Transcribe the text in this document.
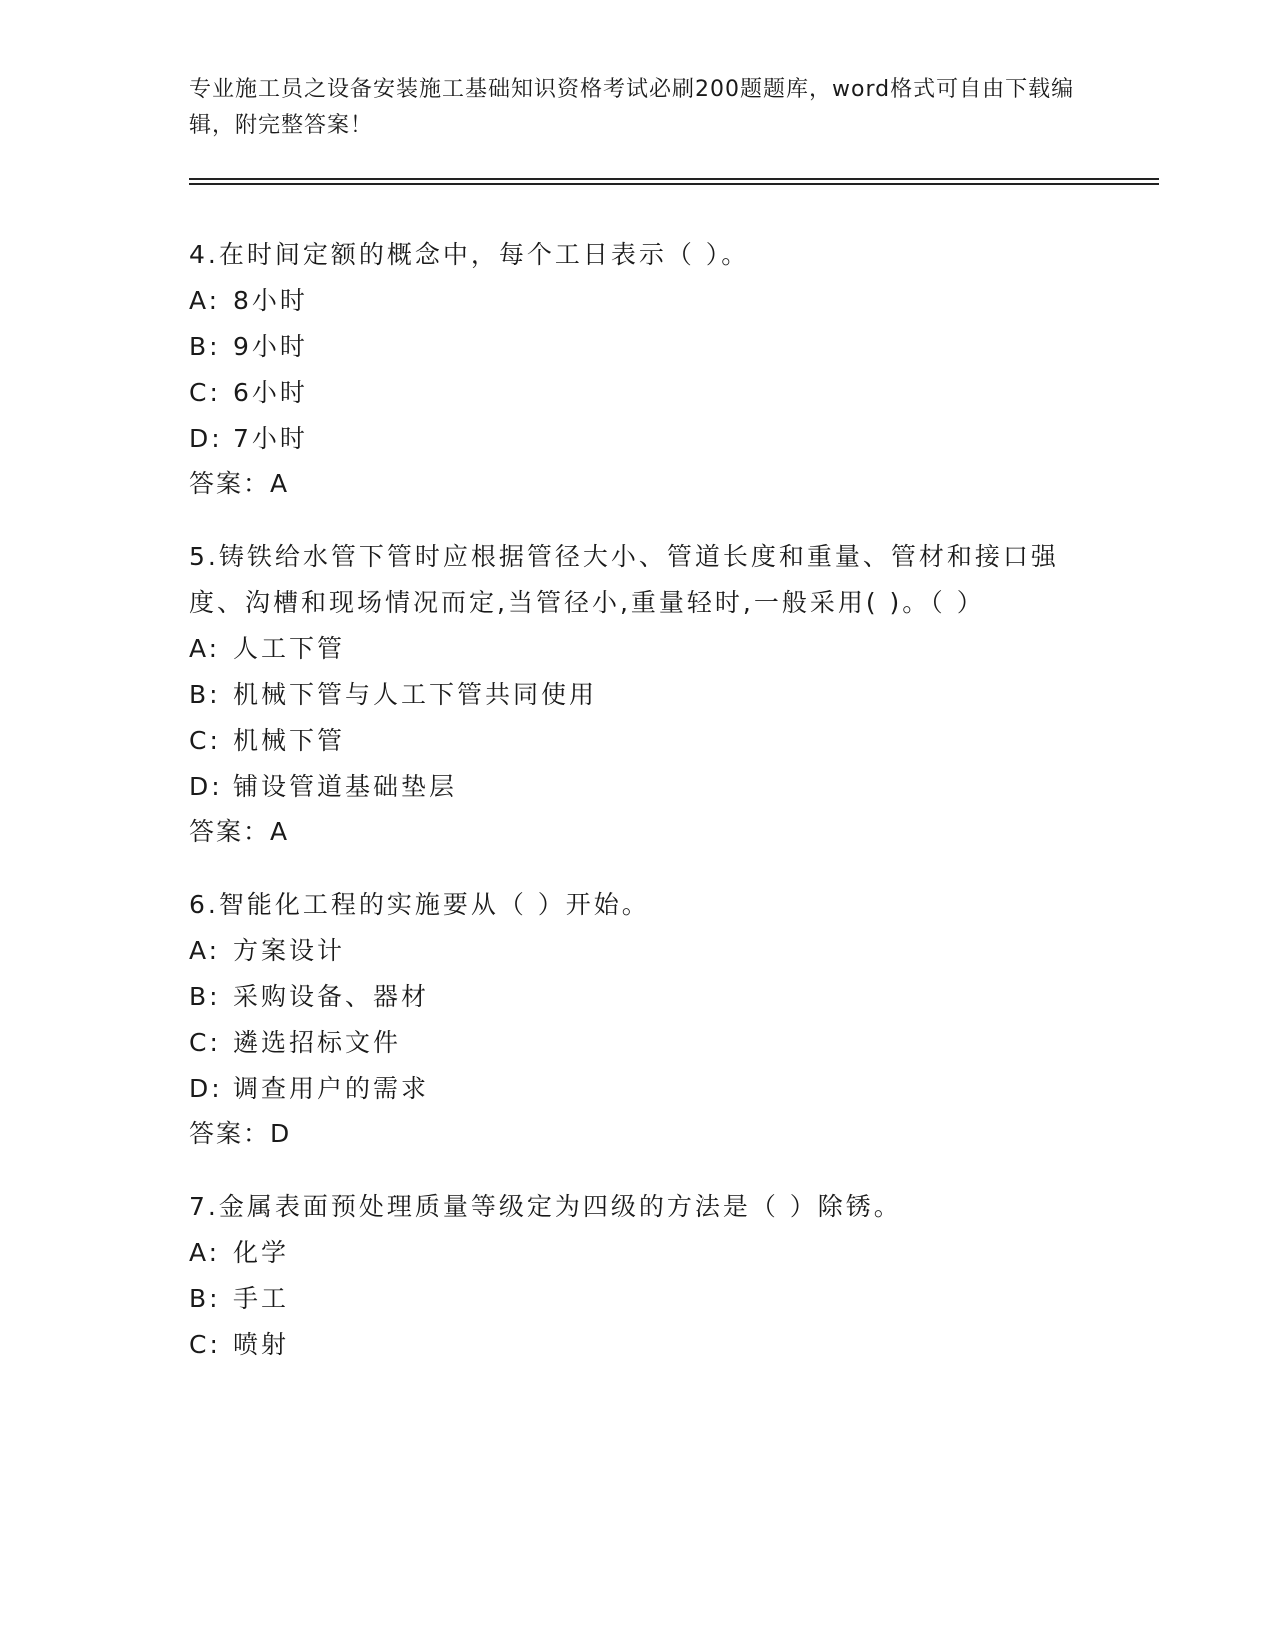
专业施工员之设备安装施工基础知识资格考试必刷200题题库，word格式可自由下载编辑，附完整答案！
4.在时间定额的概念中，每个工日表示（ ）。
A: 8小时
B: 9小时
C: 6小时
D: 7小时
答案：A
5.铸铁给水管下管时应根据管径大小、管道长度和重量、管材和接口强度、沟槽和现场情况而定,当管径小,重量轻时,一般采用( )。（ ）
A: 人工下管
B: 机械下管与人工下管共同使用
C: 机械下管
D: 铺设管道基础垫层
答案：A
6.智能化工程的实施要从（ ）开始。
A: 方案设计
B: 采购设备、器材
C: 遴选招标文件
D: 调查用户的需求
答案：D
7.金属表面预处理质量等级定为四级的方法是（ ）除锈。
A: 化学
B: 手工
C: 喷射
